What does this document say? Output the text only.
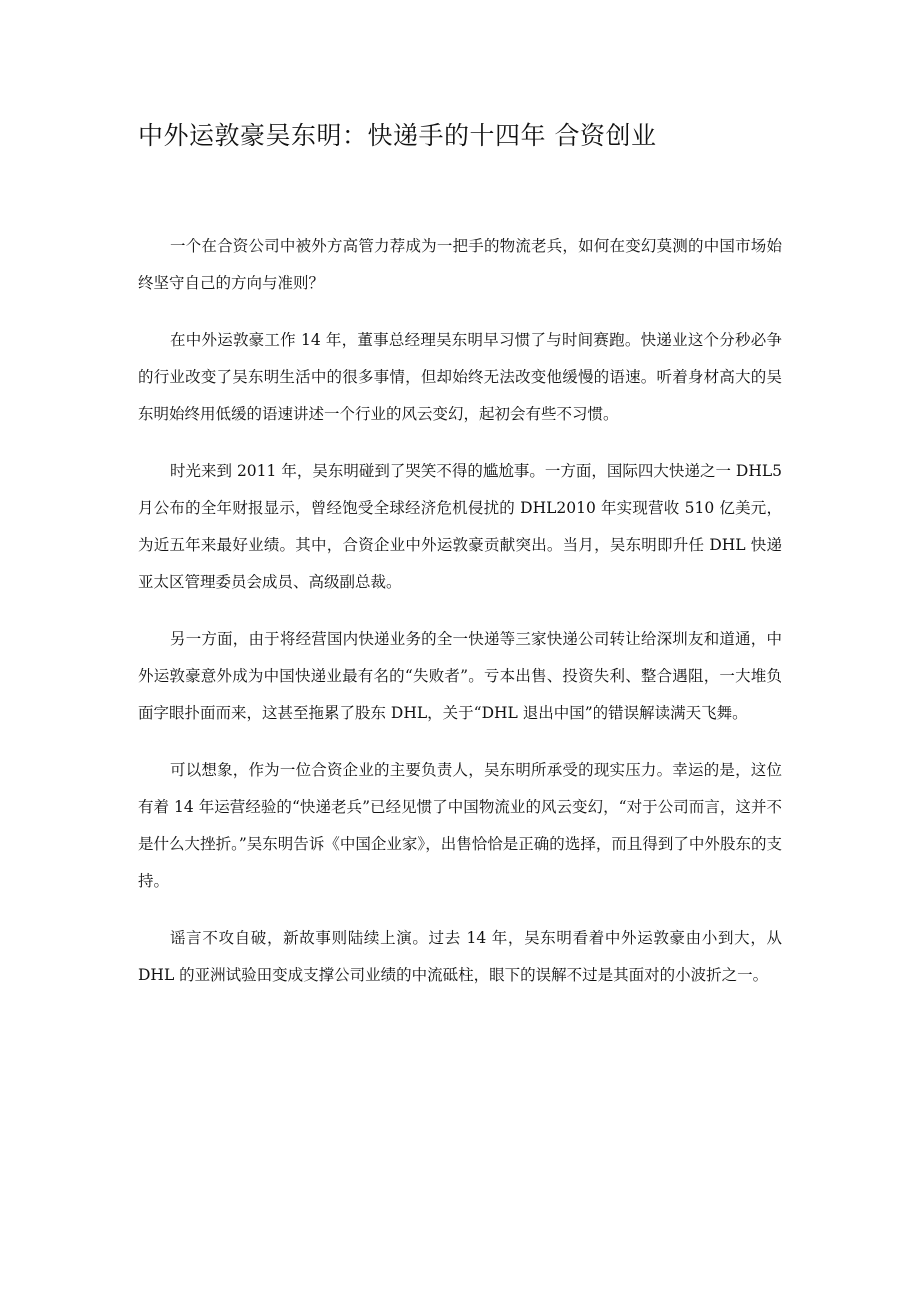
中外运敦豪吴东明：快递手的十四年 合资创业

一个在合资公司中被外方高管力荐成为一把手的物流老兵，如何在变幻莫测的中国市场始终坚守自己的方向与准则？

在中外运敦豪工作 14 年，董事总经理吴东明早习惯了与时间赛跑。快递业这个分秒必争的行业改变了吴东明生活中的很多事情，但却始终无法改变他缓慢的语速。听着身材高大的吴东明始终用低缓的语速讲述一个行业的风云变幻，起初会有些不习惯。

时光来到 2011 年，吴东明碰到了哭笑不得的尴尬事。一方面，国际四大快递之一 DHL5 月公布的全年财报显示，曾经饱受全球经济危机侵扰的 DHL2010 年实现营收 510 亿美元，为近五年来最好业绩。其中，合资企业中外运敦豪贡献突出。当月，吴东明即升任 DHL 快递亚太区管理委员会成员、高级副总裁。

另一方面，由于将经营国内快递业务的全一快递等三家快递公司转让给深圳友和道通，中外运敦豪意外成为中国快递业最有名的“失败者”。亏本出售、投资失利、整合遇阻，一大堆负面字眼扑面而来，这甚至拖累了股东 DHL，关于“DHL 退出中国”的错误解读满天飞舞。

可以想象，作为一位合资企业的主要负责人，吴东明所承受的现实压力。幸运的是，这位有着 14 年运营经验的“快递老兵”已经见惯了中国物流业的风云变幻，“对于公司而言，这并不是什么大挫折。”吴东明告诉《中国企业家》，出售恰恰是正确的选择，而且得到了中外股东的支持。

谣言不攻自破，新故事则陆续上演。过去 14 年，吴东明看着中外运敦豪由小到大，从 DHL 的亚洲试验田变成支撑公司业绩的中流砥柱，眼下的误解不过是其面对的小波折之一。
